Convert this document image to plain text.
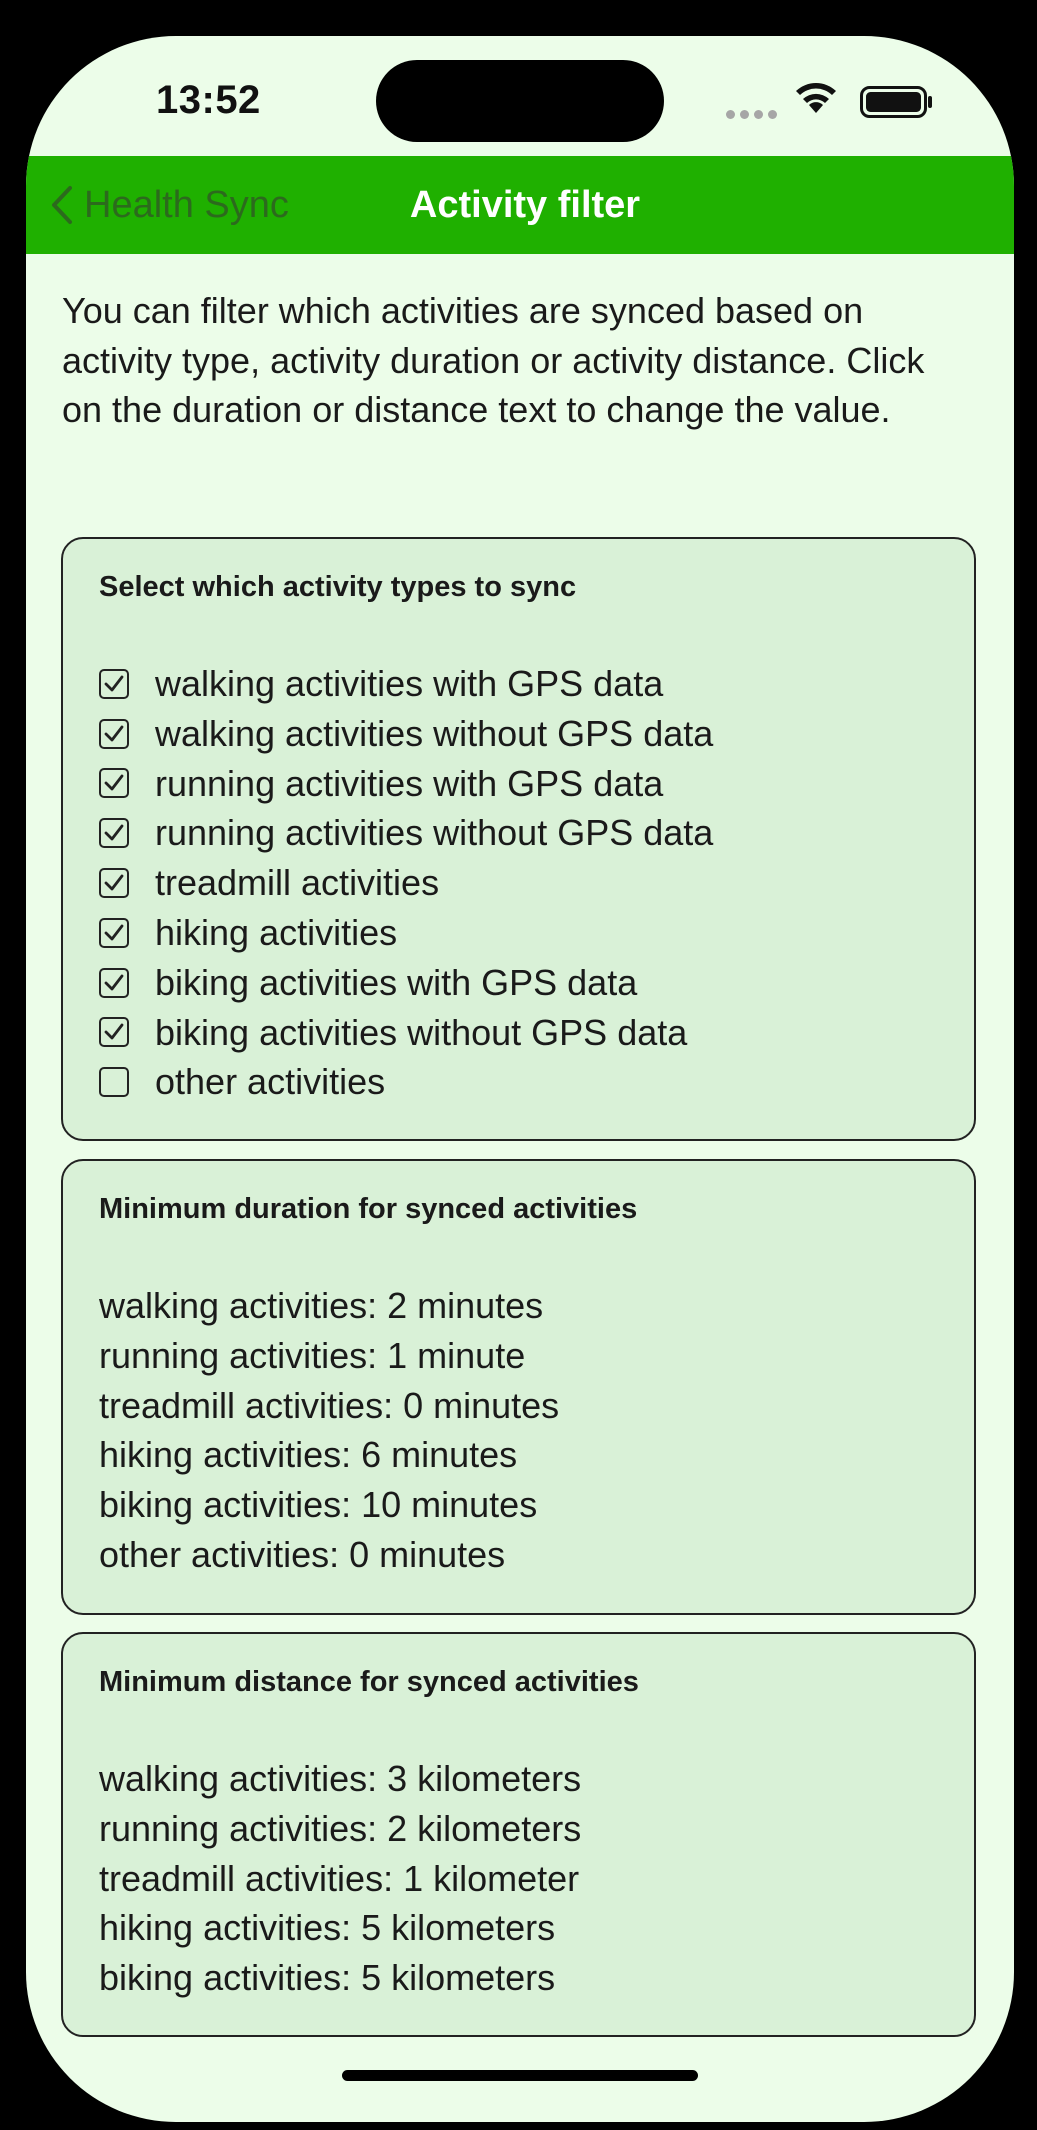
13:52
Health Sync	Activity filter
You can filter which activities are synced based on activity type, activity duration or activity distance. Click on the duration or distance text to change the value.
Select which activity types to sync
walking activities with GPS data
walking activities without GPS data
running activities with GPS data
running activities without GPS data
treadmill activities
hiking activities
biking activities with GPS data
biking activities without GPS data
other activities
Minimum duration for synced activities
walking activities: 2 minutes
running activities: 1 minute
treadmill activities: 0 minutes
hiking activities: 6 minutes
biking activities: 10 minutes
other activities: 0 minutes
Minimum distance for synced activities
walking activities: 3 kilometers
running activities: 2 kilometers
treadmill activities: 1 kilometer
hiking activities: 5 kilometers
biking activities: 5 kilometers
